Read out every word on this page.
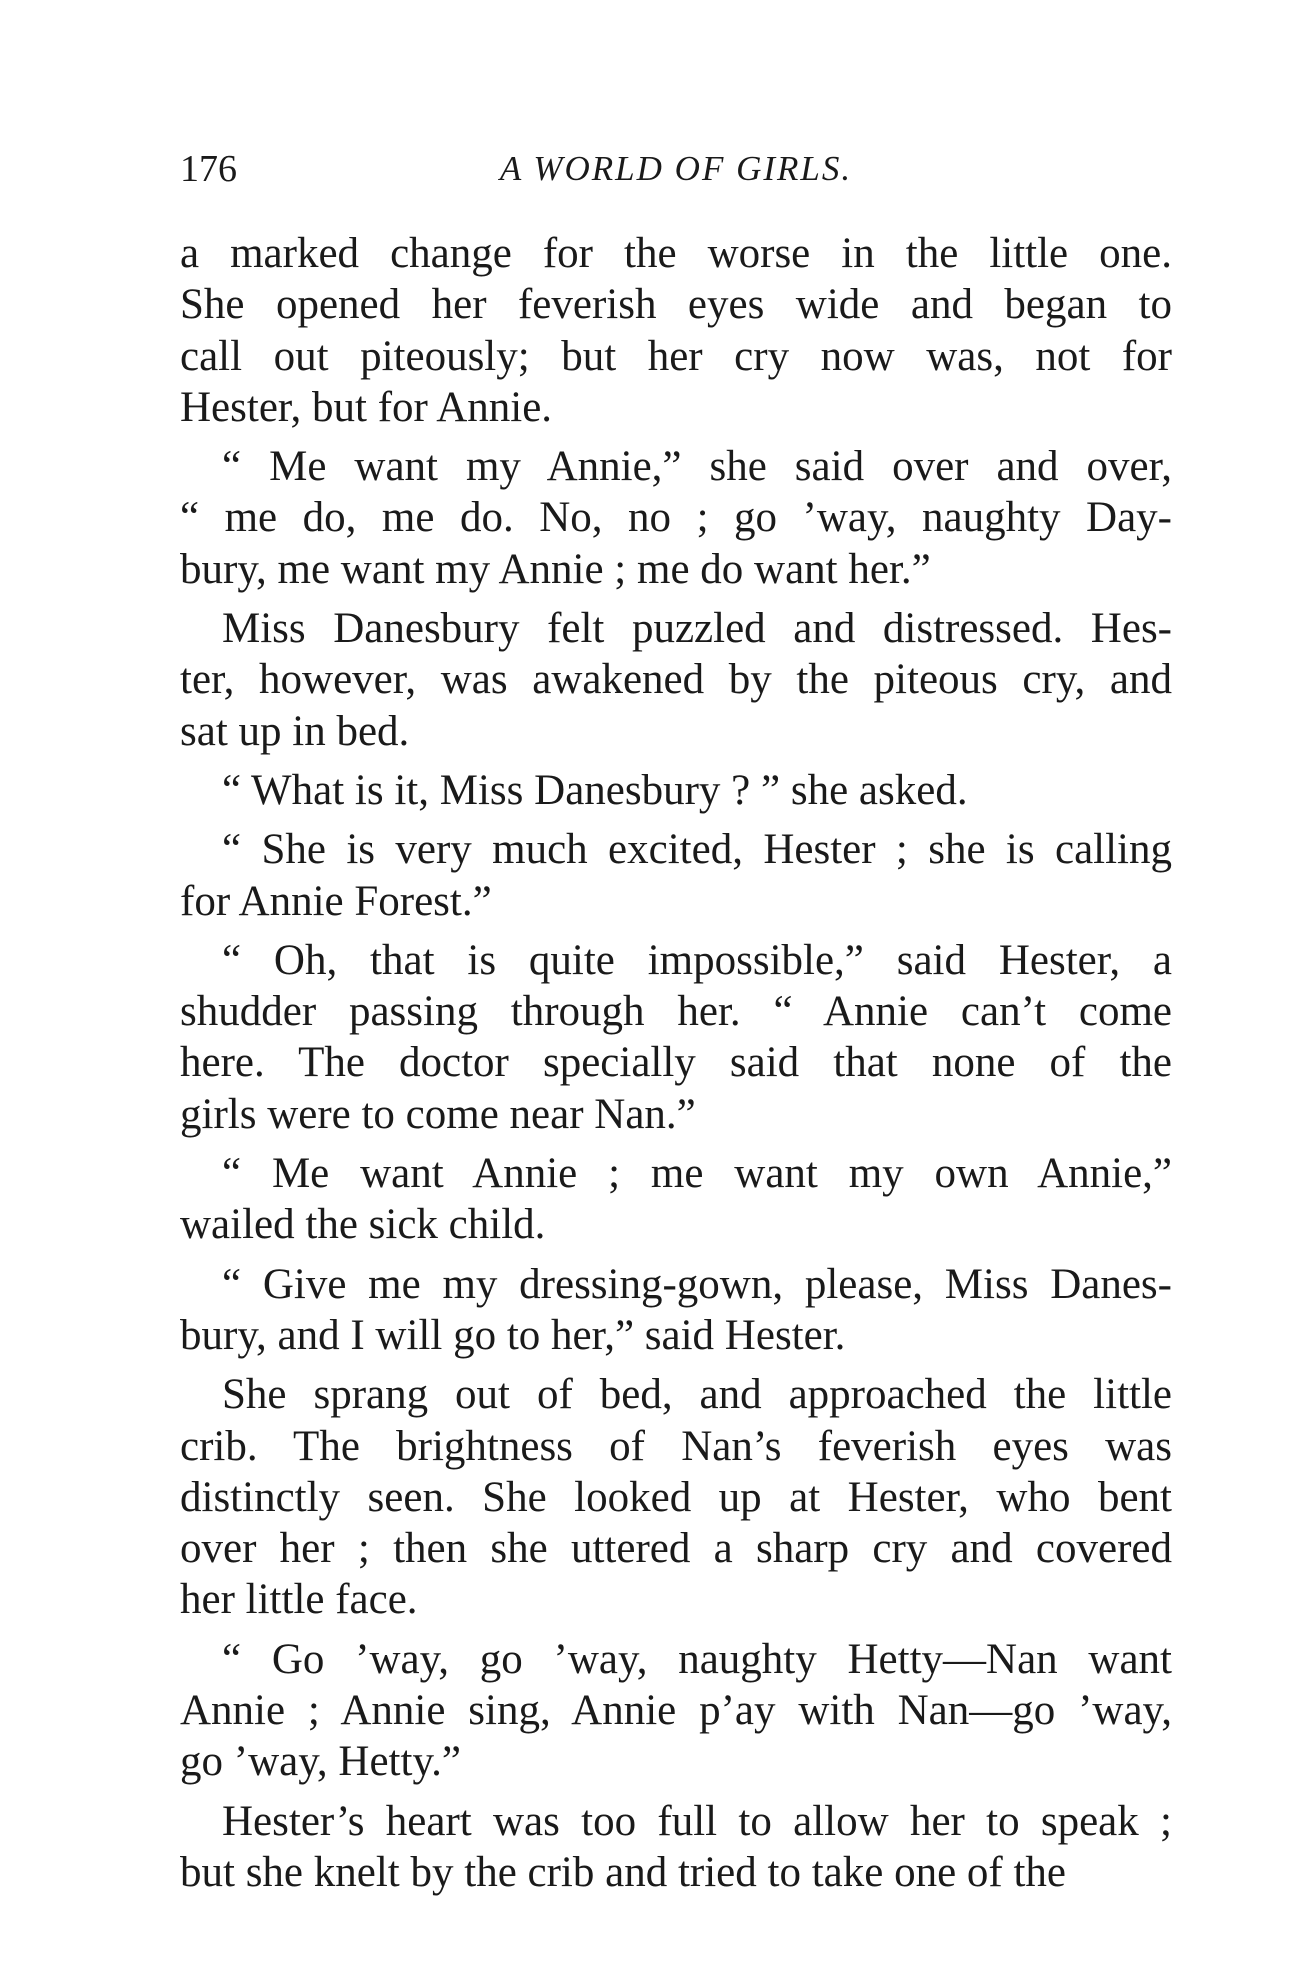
176	A WORLD OF GIRLS.
a marked change for the worse in the little one.
She opened her feverish eyes wide and began to
call out piteously; but her cry now was, not for
Hester, but for Annie.
“ Me want my Annie,” she said over and over,
“ me do, me do. No, no ; go ’way, naughty Day-
bury, me want my Annie ; me do want her.”
Miss Danesbury felt puzzled and distressed. Hes-
ter, however, was awakened by the piteous cry, and
sat up in bed.
“ What is it, Miss Danesbury ? ” she asked.
“ She is very much excited, Hester ; she is calling
for Annie Forest.”
“ Oh, that is quite impossible,” said Hester, a
shudder passing through her. “ Annie can’t come
here. The doctor specially said that none of the
girls were to come near Nan.”
“ Me want Annie ; me want my own Annie,”
wailed the sick child.
“ Give me my dressing-gown, please, Miss Danes-
bury, and I will go to her,” said Hester.
She sprang out of bed, and approached the little
crib. The brightness of Nan’s feverish eyes was
distinctly seen. She looked up at Hester, who bent
over her ; then she uttered a sharp cry and covered
her little face.
“ Go ’way, go ’way, naughty Hetty—Nan want
Annie ; Annie sing, Annie p’ay with Nan—go ’way,
go ’way, Hetty.”
Hester’s heart was too full to allow her to speak ;
but she knelt by the crib and tried to take one of the
